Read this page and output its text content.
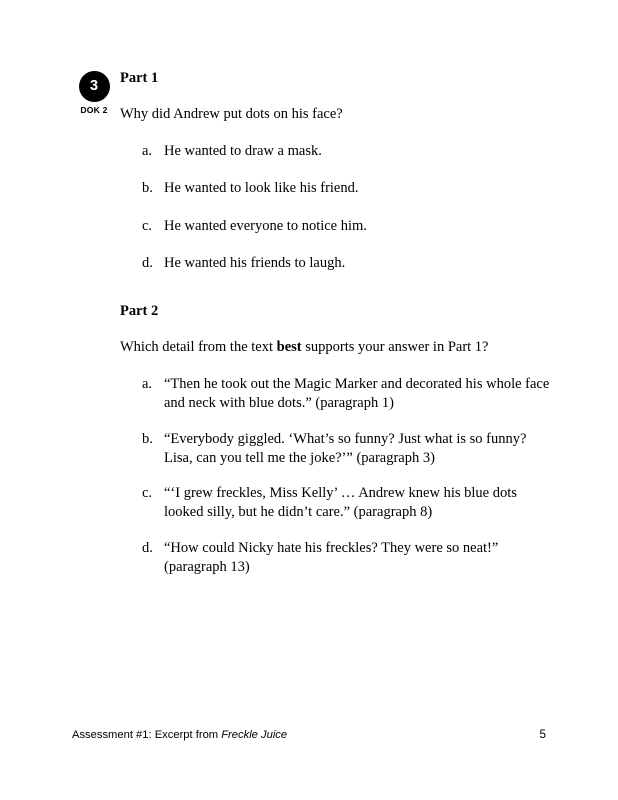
3
DOK 2
Part 1
Why did Andrew put dots on his face?
a. He wanted to draw a mask.
b. He wanted to look like his friend.
c. He wanted everyone to notice him.
d. He wanted his friends to laugh.
Part 2
Which detail from the text best supports your answer in Part 1?
a. “Then he took out the Magic Marker and decorated his whole face and neck with blue dots.” (paragraph 1)
b. “Everybody giggled. ‘What’s so funny? Just what is so funny? Lisa, can you tell me the joke?’” (paragraph 3)
c. “‘I grew freckles, Miss Kelly’ … Andrew knew his blue dots looked silly, but he didn’t care.” (paragraph 8)
d. “How could Nicky hate his freckles? They were so neat!” (paragraph 13)
Assessment #1: Excerpt from Freckle Juice	5
